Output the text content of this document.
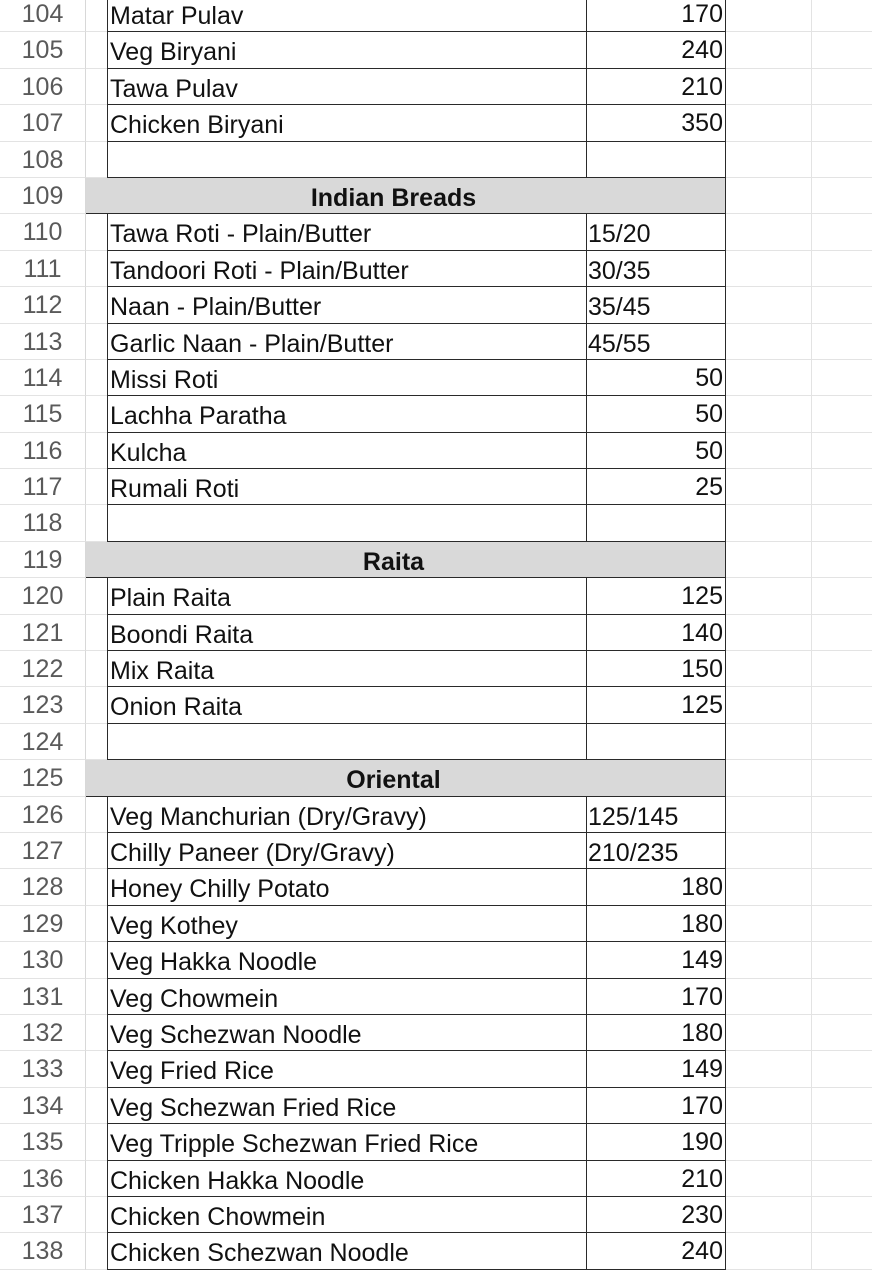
104	Matar Pulav	170
105	Veg Biryani	240
106	Tawa Pulav	210
107	Chicken Biryani	350
108
109	Indian Breads
110	Tawa Roti - Plain/Butter	15/20
111	Tandoori Roti - Plain/Butter	30/35
112	Naan - Plain/Butter	35/45
113	Garlic Naan - Plain/Butter	45/55
114	Missi Roti	50
115	Lachha Paratha	50
116	Kulcha	50
117	Rumali Roti	25
118
119	Raita
120	Plain Raita	125
121	Boondi Raita	140
122	Mix Raita	150
123	Onion Raita	125
124
125	Oriental
126	Veg Manchurian (Dry/Gravy)	125/145
127	Chilly Paneer (Dry/Gravy)	210/235
128	Honey Chilly Potato	180
129	Veg Kothey	180
130	Veg Hakka Noodle	149
131	Veg Chowmein	170
132	Veg Schezwan Noodle	180
133	Veg Fried Rice	149
134	Veg Schezwan Fried Rice	170
135	Veg Tripple Schezwan Fried Rice	190
136	Chicken Hakka Noodle	210
137	Chicken Chowmein	230
138	Chicken Schezwan Noodle	240
